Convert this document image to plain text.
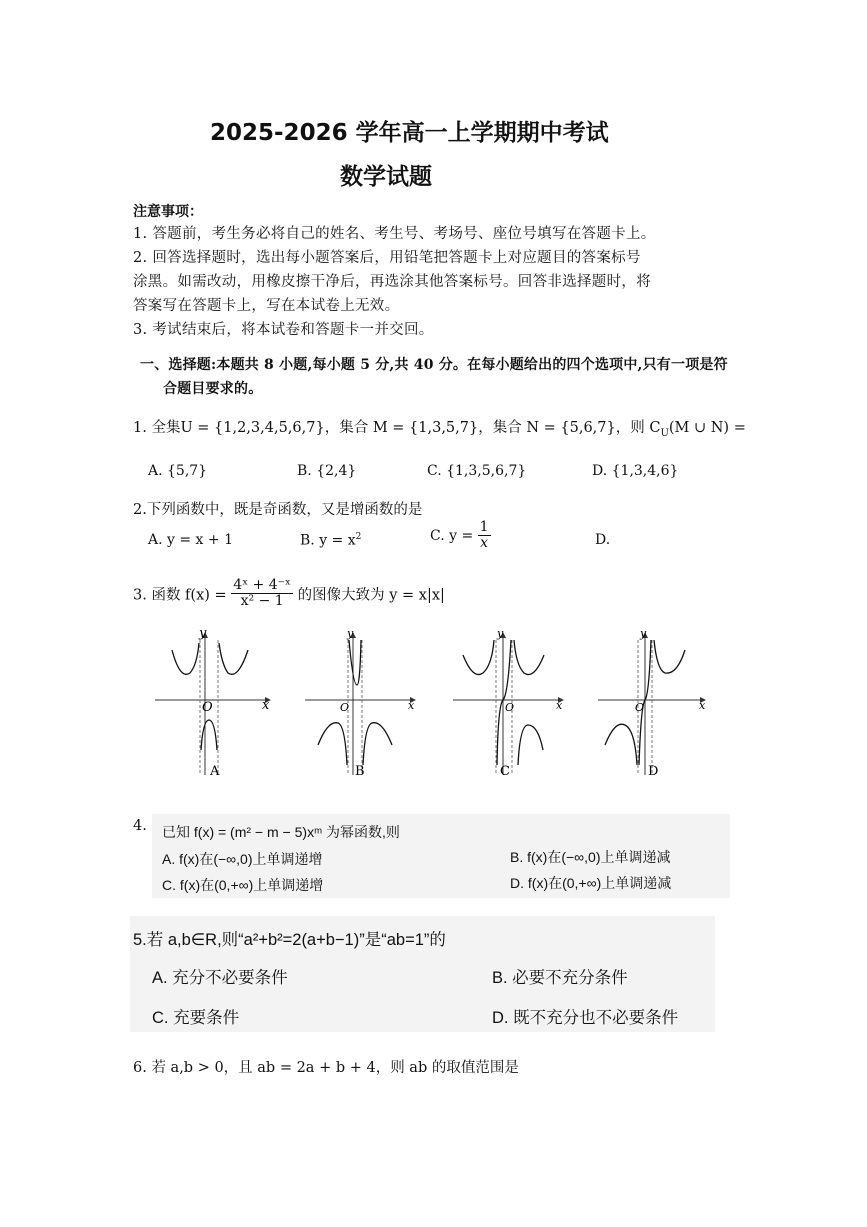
2025-2026 学年高一上学期期中考试
数学试题
注意事项：
1. 答题前，考生务必将自己的姓名、考生号、考场号、座位号填写在答题卡上。
2. 回答选择题时，选出每小题答案后，用铅笔把答题卡上对应题目的答案标号
涂黑。如需改动，用橡皮擦干净后，再选涂其他答案标号。回答非选择题时，将
答案写在答题卡上，写在本试卷上无效。
3. 考试结束后，将本试卷和答题卡一并交回。
一、选择题:本题共 8 小题,每小题 5 分,共 40 分。在每小题给出的四个选项中,只有一项是符
合题目要求的。
1. 全集U = {1,2,3,4,5,6,7}，集合 M = {1,3,5,7}，集合 N = {5,6,7}，则 $C_U(M$ ∪ N) =
A. {5,7}	B. {2,4}	C. {1,3,5,6,7}	D. {1,3,4,6}
2.下列函数中，既是奇函数，又是增函数的是
A. y = x + 1	B. $y = x^2$	C. $y = \frac{1}{x}$	D.
3. 函数 $f(x) = \frac{\text{4ˣ + 4⁻ˣ}}{\text{x² − 1}}$ 的图像大致为 y = x|x|
O	x
y
A
O	x
y
B
O	x
y
C
O	x
y
D
4. 已知 f(x) = (m² − m − 5)xᵐ 为幂函数,则
A. f(x)在(−∞,0)上单调递增	B. f(x)在(−∞,0)上单调递减
C. f(x)在(0,+∞)上单调递增	D. f(x)在(0,+∞)上单调递减
5.若 a,b∈R,则“a²+b²=2(a+b−1)”是“ab=1”的
A. 充分不必要条件	B. 必要不充分条件
C. 充要条件	D. 既不充分也不必要条件
6. 若 a,b > 0，且 ab = 2a + b + 4，则 ab 的取值范围是
